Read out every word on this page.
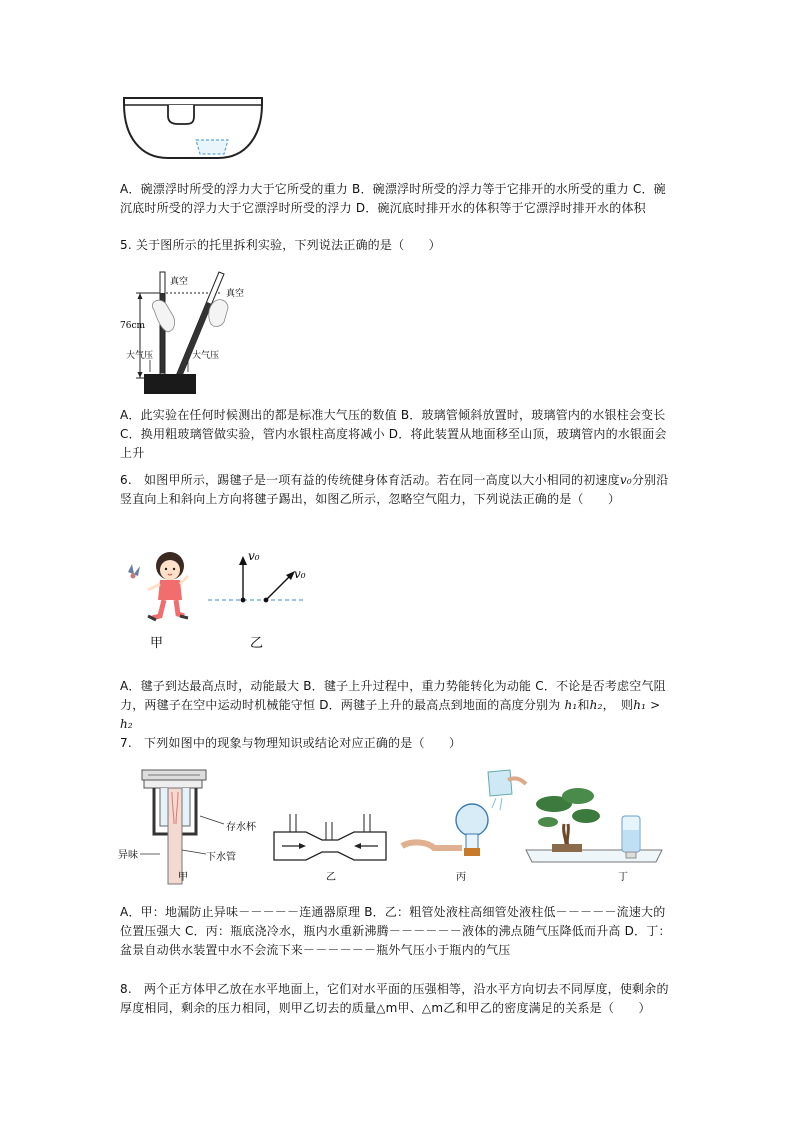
A．碗漂浮时所受的浮力大于它所受的重力 B．碗漂浮时所受的浮力等于它排开的水所受的重力 C．碗沉底时所受的浮力大于它漂浮时所受的浮力 D．碗沉底时排开水的体积等于它漂浮时排开水的体积
5. 关于图所示的托里拆利实验，下列说法正确的是（　　）
76cm
真空
真空
大气压	大气压
A．此实验在任何时候测出的都是标准大气压的数值 B．玻璃管倾斜放置时，玻璃管内的水银柱会变长 C．换用粗玻璃管做实验，管内水银柱高度将减小 D．将此装置从地面移至山顶，玻璃管内的水银面会上升
6.　如图甲所示，踢毽子是一项有益的传统健身体育活动。若在同一高度以大小相同的初速度v₀分别沿竖直向上和斜向上方向将毽子踢出，如图乙所示，忽略空气阻力，下列说法正确的是（　　）
甲
v₀
v₀
乙
A．毽子到达最高点时，动能最大 B．毽子上升过程中，重力势能转化为动能 C．不论是否考虑空气阻力，两毽子在空中运动时机械能守恒 D．两毽子上升的最高点到地面的高度分别为 h₁和h₂，　则h₁ > h₂
7.　下列如图中的现象与物理知识或结论对应正确的是（　　）
存水杯
异味	下水管
甲	乙	丙	丁
A．甲：地漏防止异味－－－－－连通器原理 B．乙：粗管处液柱高细管处液柱低－－－－－流速大的位置压强大 C．丙：瓶底浇冷水，瓶内水重新沸腾－－－－－－液体的沸点随气压降低而升高 D．丁：盆景自动供水装置中水不会流下来－－－－－－瓶外气压小于瓶内的气压
8.　两个正方体甲乙放在水平地面上，它们对水平面的压强相等，沿水平方向切去不同厚度，使剩余的厚度相同，剩余的压力相同，则甲乙切去的质量△m甲、△m乙和甲乙的密度满足的关系是（　　）
